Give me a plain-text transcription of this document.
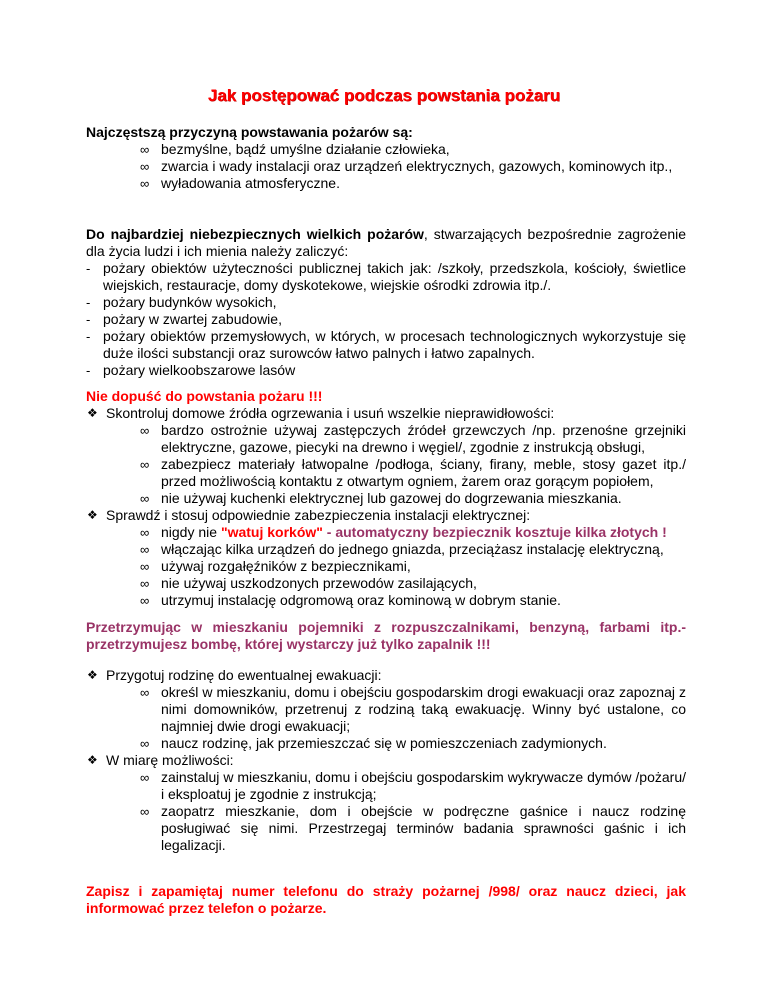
Jak postępować podczas powstania pożaru
Najczęstszą przyczyną powstawania pożarów są:
∞ bezmyślne, bądź umyślne działanie człowieka,
∞ zwarcia i wady instalacji oraz urządzeń elektrycznych, gazowych, kominowych itp.,
∞ wyładowania atmosferyczne.
Do najbardziej niebezpiecznych wielkich pożarów, stwarzających bezpośrednie zagrożenie dla życia ludzi i ich mienia należy zaliczyć:
- pożary obiektów użyteczności publicznej takich jak: /szkoły, przedszkola, kościoły, świetlice wiejskich, restauracje, domy dyskotekowe, wiejskie ośrodki zdrowia itp./.
- pożary budynków wysokich,
- pożary w zwartej zabudowie,
- pożary obiektów przemysłowych, w których, w procesach technologicznych wykorzystuje się duże ilości substancji oraz surowców łatwo palnych i łatwo zapalnych.
- pożary wielkoobszarowe lasów
Nie dopuść do powstania pożaru !!!
❖ Skontroluj domowe źródła ogrzewania i usuń wszelkie nieprawidłowości:
∞ bardzo ostrożnie używaj zastępczych źródeł grzewczych /np. przenośne grzejniki elektryczne, gazowe, piecyki na drewno i węgiel/, zgodnie z instrukcją obsługi,
∞ zabezpiecz materiały łatwopalne /podłoga, ściany, firany, meble, stosy gazet itp./ przed możliwością kontaktu z otwartym ogniem, żarem oraz gorącym popiołem,
∞ nie używaj kuchenki elektrycznej lub gazowej do dogrzewania mieszkania.
❖ Sprawdź i stosuj odpowiednie zabezpieczenia instalacji elektrycznej:
∞ nigdy nie "watuj korków" - automatyczny bezpiecznik kosztuje kilka złotych !
∞ włączając kilka urządzeń do jednego gniazda, przeciążasz instalację elektryczną,
∞ używaj rozgałęźników z bezpiecznikami,
∞ nie używaj uszkodzonych przewodów zasilających,
∞ utrzymuj instalację odgromową oraz kominową w dobrym stanie.
Przetrzymując w mieszkaniu pojemniki z rozpuszczalnikami, benzyną, farbami itp.- przetrzymujesz bombę, której wystarczy już tylko zapalnik !!!
❖ Przygotuj rodzinę do ewentualnej ewakuacji:
∞ określ w mieszkaniu, domu i obejściu gospodarskim drogi ewakuacji oraz zapoznaj z nimi domowników, przetrenuj z rodziną taką ewakuację. Winny być ustalone, co najmniej dwie drogi ewakuacji;
∞ naucz rodzinę, jak przemieszczać się w pomieszczeniach zadymionych.
❖ W miarę możliwości:
∞ zainstaluj w mieszkaniu, domu i obejściu gospodarskim wykrywacze dymów /pożaru/ i eksploatuj je zgodnie z instrukcją;
∞ zaopatrz mieszkanie, dom i obejście w podręczne gaśnice i naucz rodzinę posługiwać się nimi. Przestrzegaj terminów badania sprawności gaśnic i ich legalizacji.
Zapisz i zapamiętaj numer telefonu do straży pożarnej /998/ oraz naucz dzieci, jak informować przez telefon o pożarze.
